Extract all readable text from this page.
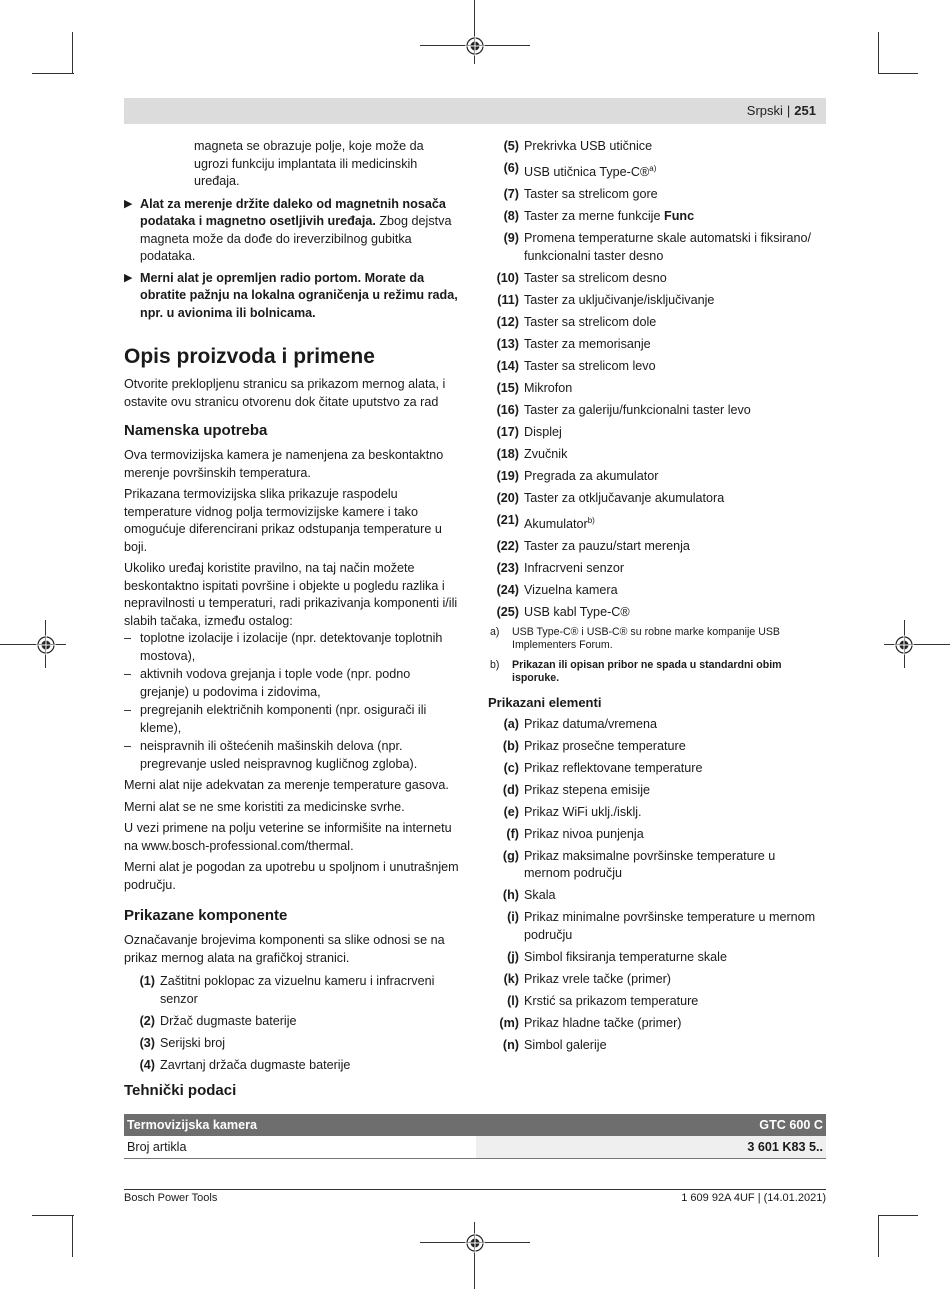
Srpski | 251

magneta se obrazuje polje, koje može da ugrozi funkciju implantata ili medicinskih uređaja.

▶ Alat za merenje držite daleko od magnetnih nosača podataka i magnetno osetljivih uređaja. Zbog dejstva magneta može da dođe do ireverzibilnog gubitka podataka.
▶ Merni alat je opremljen radio portom. Morate da obratite pažnju na lokalna ograničenja u režimu rada, npr. u avionima ili bolnicama.
Opis proizvoda i primene

Otvorite preklopljenu stranicu sa prikazom mernog alata, i ostavite ovu stranicu otvorenu dok čitate uputstvo za rad

Namenska upotreba

Ova termovizijska kamera je namenjena za beskontaktno merenje površinskih temperatura.

Prikazana termovizijska slika prikazuje raspodelu temperature vidnog polja termovizijske kamere i tako omogućuje diferencirani prikaz odstupanja temperature u boji.

Ukoliko uređaj koristite pravilno, na taj način možete beskontaktno ispitati površine i objekte u pogledu razlika i nepravilnosti u temperaturi, radi prikazivanja komponenti i/ili slabih tačaka, između ostalog:

– toplotne izolacije i izolacije (npr. detektovanje toplotnih mostova),
– aktivnih vodova grejanja i tople vode (npr. podno grejanje) u podovima i zidovima,
– pregrejanih električnih komponenti (npr. osigurači ili kleme),
– neispravnih ili oštećenih mašinskih delova (npr. pregrevanje usled neispravnog kugličnog zgloba).

Merni alat nije adekvatan za merenje temperature gasova.

Merni alat se ne sme koristiti za medicinske svrhe.

U vezi primene na polju veterine se informišite na internetu na www.bosch-professional.com/thermal.

Merni alat je pogodan za upotrebu u spoljnom i unutrašnjem području.

Prikazane komponente

Označavanje brojevima komponenti sa slike odnosi se na prikaz mernog alata na grafičkoj stranici.

(1) Zaštitni poklopac za vizuelnu kameru i infracrveni senzor
(2) Držač dugmaste baterije
(3) Serijski broj
(4) Zavrtanj držača dugmaste baterije
(5) Prekrivka USB utičnice
(6) USB utičnica Type-C®$^{a)}$
(7) Taster sa strelicom gore
(8) Taster za merne funkcije Func
(9) Promena temperaturne skale automatski i fiksirano/ funkcionalni taster desno
(10) Taster sa strelicom desno
(11) Taster za uključivanje/isključivanje
(12) Taster sa strelicom dole
(13) Taster za memorisanje
(14) Taster sa strelicom levo
(15) Mikrofon
(16) Taster za galeriju/funkcionalni taster levo
(17) Displej
(18) Zvučnik
(19) Pregrada za akumulator
(20) Taster za otključavanje akumulatora
(21) Akumulator$^{b)}$
(22) Taster za pauzu/start merenja
(23) Infracrveni senzor
(24) Vizuelna kamera
(25) USB kabl Type-C®
a) USB Type-C® i USB-C® su robne marke kompanije USB Implementers Forum.
b) Prikazan ili opisan pribor ne spada u standardni obim isporuke.
Prikazani elementi
(a) Prikaz datuma/vremena
(b) Prikaz prosečne temperature
(c) Prikaz reflektovane temperature
(d) Prikaz stepena emisije
(e) Prikaz WiFi uklj./isklj.
(f) Prikaz nivoa punjenja
(g) Prikaz maksimalne površinske temperature u mernom području
(h) Skala
(i) Prikaz minimalne površinske temperature u mernom području
(j) Simbol fiksiranja temperaturne skale
(k) Prikaz vrele tačke (primer)
(l) Krstić sa prikazom temperature
(m) Prikaz hladne tačke (primer)
(n) Simbol galerije
Tehnički podaci
Termovizijska kamera	GTC 600 C
Broj artikla	3 601 K83 5..
Bosch Power Tools	1 609 92A 4UF | (14.01.2021)
